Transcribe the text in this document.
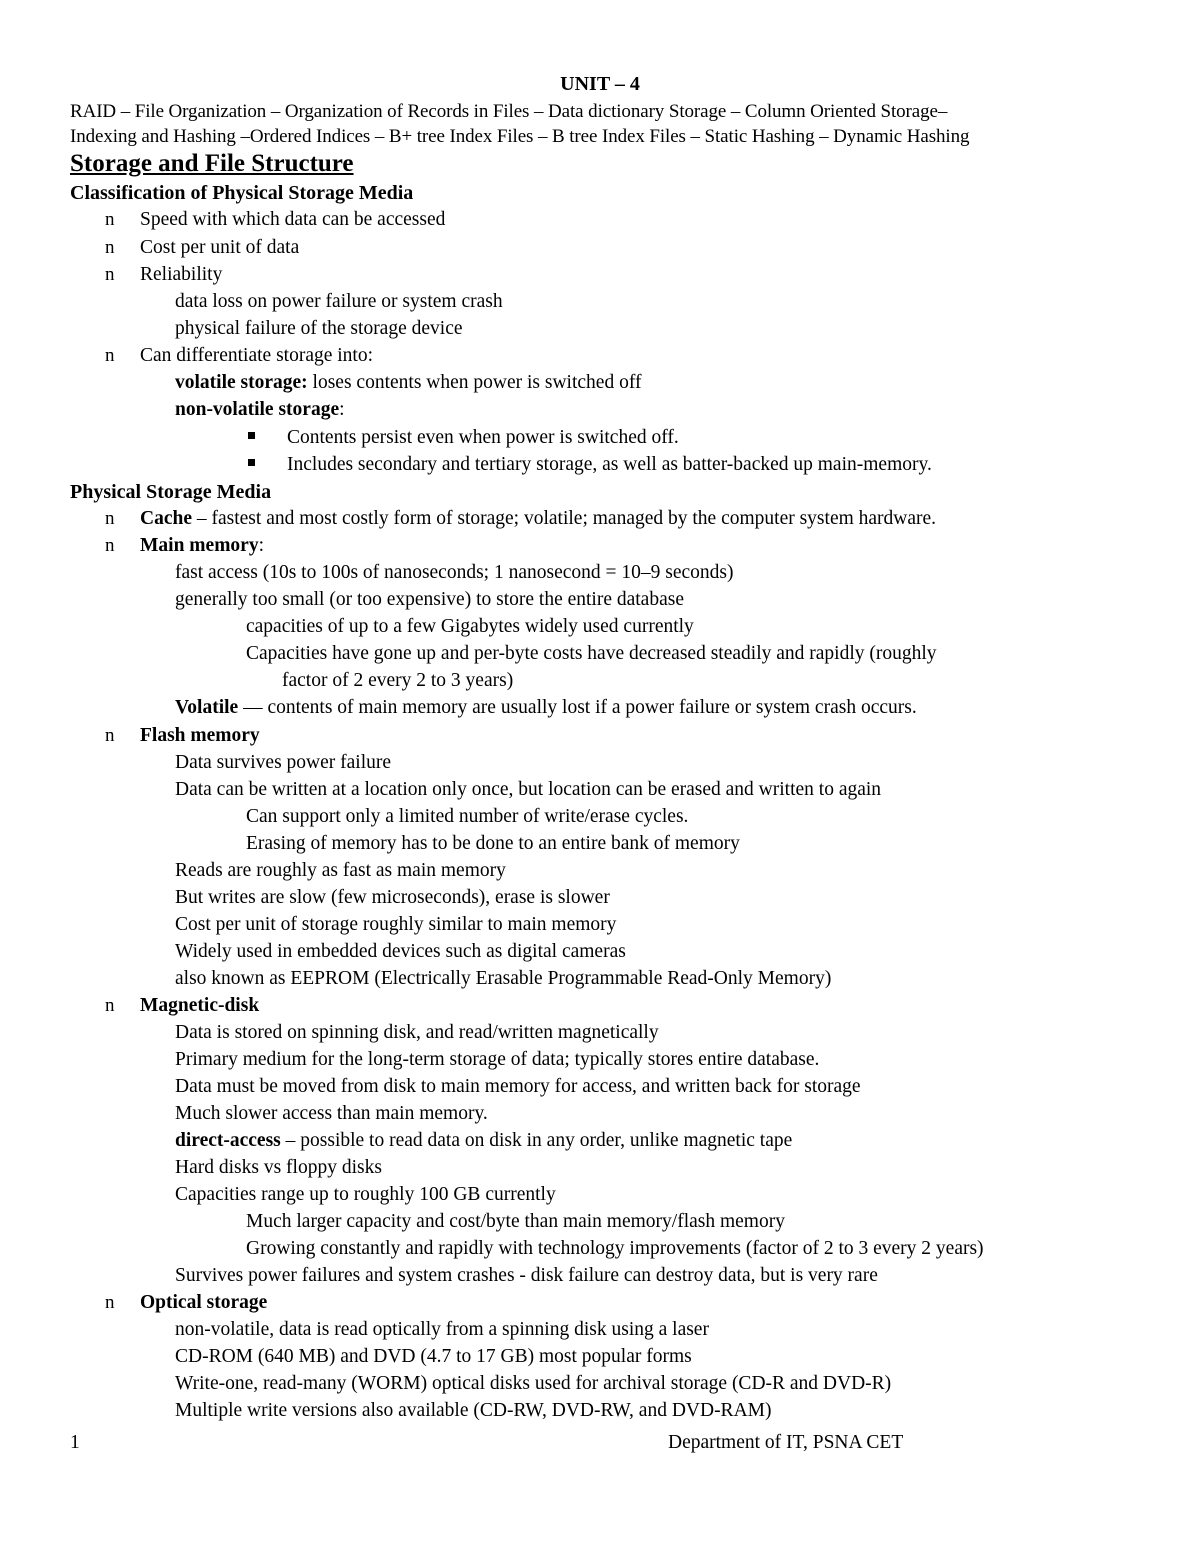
UNIT – 4
RAID – File Organization – Organization of Records in Files – Data dictionary Storage – Column Oriented Storage–
Indexing and Hashing –Ordered Indices – B+ tree Index Files – B tree Index Files – Static Hashing – Dynamic Hashing
Storage and File Structure
Classification of Physical Storage Media
n Speed with which data can be accessed
n Cost per unit of data
n Reliability
data loss on power failure or system crash
physical failure of the storage device
n Can differentiate storage into:
volatile storage: loses contents when power is switched off
non-volatile storage:
Contents persist even when power is switched off.
Includes secondary and tertiary storage, as well as batter-backed up main-memory.
Physical Storage Media
n Cache – fastest and most costly form of storage; volatile; managed by the computer system hardware.
n Main memory:
fast access (10s to 100s of nanoseconds; 1 nanosecond = 10–9 seconds)
generally too small (or too expensive) to store the entire database
capacities of up to a few Gigabytes widely used currently
Capacities have gone up and per-byte costs have decreased steadily and rapidly (roughly
factor of 2 every 2 to 3 years)
Volatile — contents of main memory are usually lost if a power failure or system crash occurs.
n Flash memory
Data survives power failure
Data can be written at a location only once, but location can be erased and written to again
Can support only a limited number of write/erase cycles.
Erasing of memory has to be done to an entire bank of memory
Reads are roughly as fast as main memory
But writes are slow (few microseconds), erase is slower
Cost per unit of storage roughly similar to main memory
Widely used in embedded devices such as digital cameras
also known as EEPROM (Electrically Erasable Programmable Read-Only Memory)
n Magnetic-disk
Data is stored on spinning disk, and read/written magnetically
Primary medium for the long-term storage of data; typically stores entire database.
Data must be moved from disk to main memory for access, and written back for storage
Much slower access than main memory.
direct-access – possible to read data on disk in any order, unlike magnetic tape
Hard disks vs floppy disks
Capacities range up to roughly 100 GB currently
Much larger capacity and cost/byte than main memory/flash memory
Growing constantly and rapidly with technology improvements (factor of 2 to 3 every 2 years)
Survives power failures and system crashes - disk failure can destroy data, but is very rare
n Optical storage
non-volatile, data is read optically from a spinning disk using a laser
CD-ROM (640 MB) and DVD (4.7 to 17 GB) most popular forms
Write-one, read-many (WORM) optical disks used for archival storage (CD-R and DVD-R)
Multiple write versions also available (CD-RW, DVD-RW, and DVD-RAM)
1	Department of IT, PSNA CET
